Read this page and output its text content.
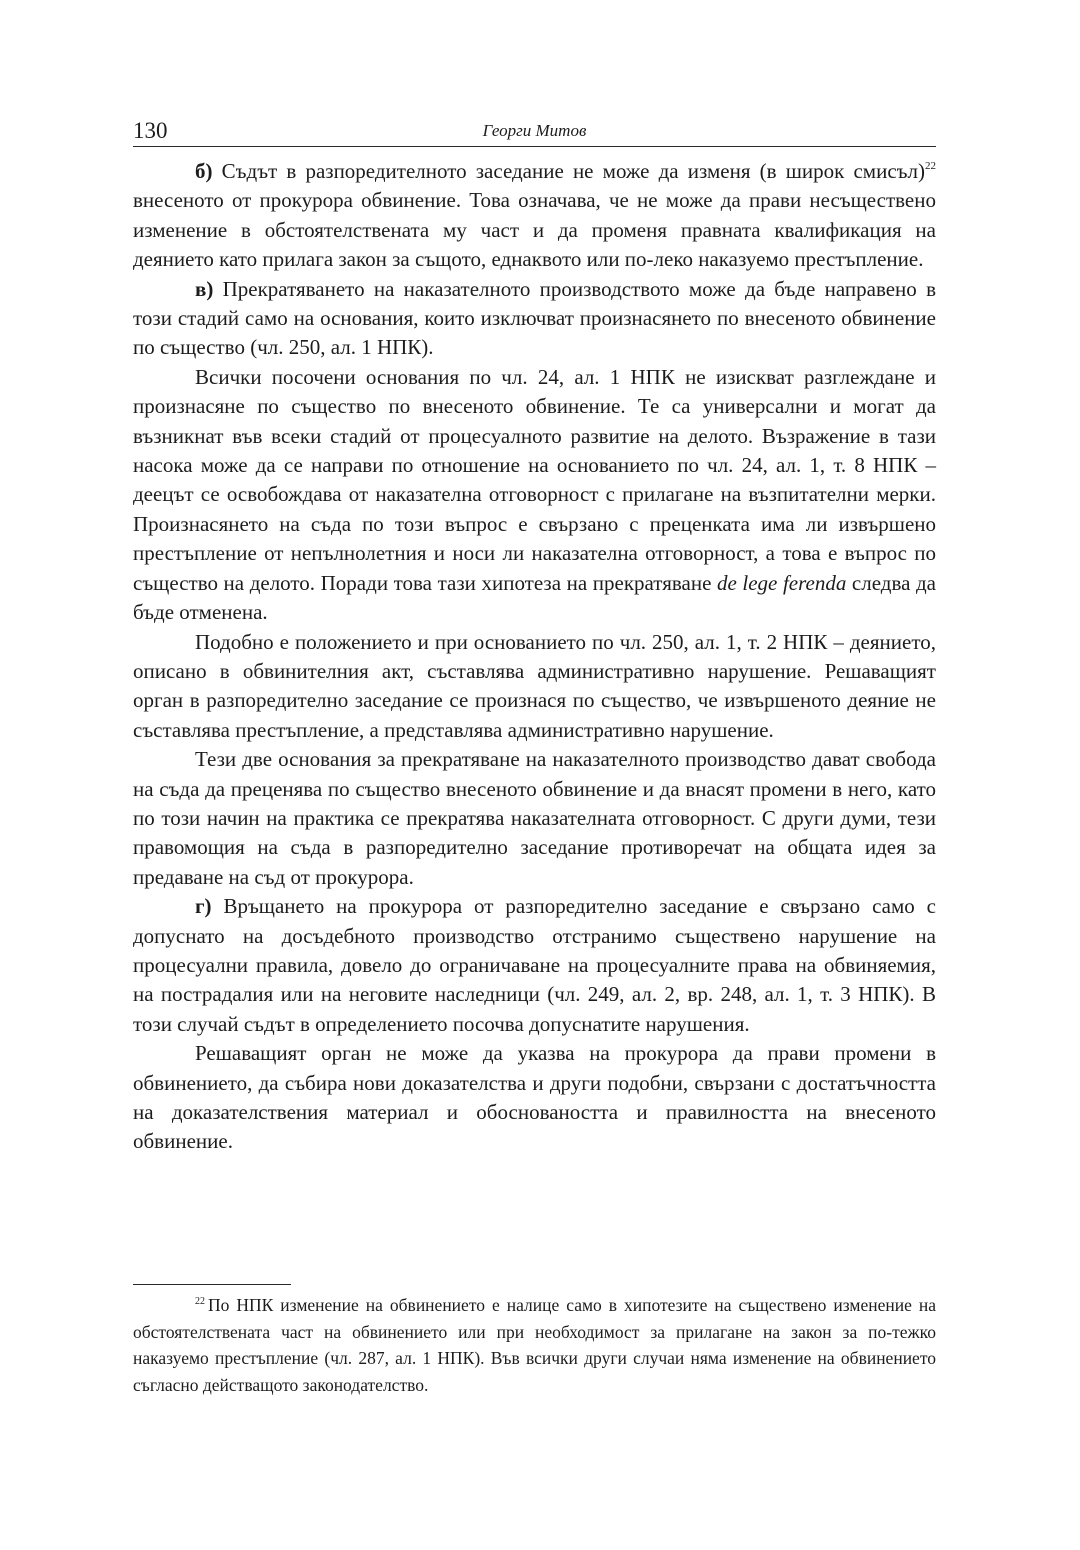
130	Георги Митов

б) Съдът в разпоредителното заседание не може да изменя (в широк смисъл)$^{22}$ внесеното от прокурора обвинение. Това означава, че не може да прави несъществено изменение в обстоятелствената му част и да променя правната квалификация на деянието като прилага закон за същото, еднаквото или по-леко наказуемо престъпление.

в) Прекратяването на наказателното производството може да бъде направено в този стадий само на основания, които изключват произнасянето по внесеното обвинение по същество (чл. 250, ал. 1 НПК).

Всички посочени основания по чл. 24, ал. 1 НПК не изискват разглеждане и произнасяне по същество по внесеното обвинение. Те са универсални и могат да възникнат във всеки стадий от процесуалното развитие на делото. Възражение в тази насока може да се направи по отношение на основанието по чл. 24, ал. 1, т. 8 НПК – деецът се освобождава от наказателна отговорност с прилагане на възпитателни мерки. Произнасянето на съда по този въпрос е свързано с преценката има ли извършено престъпление от непълнолетния и носи ли наказателна отговорност, а това е въпрос по същество на делото. Поради това тази хипотеза на прекратяване de lege ferenda следва да бъде отменена.

Подобно е положението и при основанието по чл. 250, ал. 1, т. 2 НПК – деянието, описано в обвинителния акт, съставлява административно нарушение. Решаващият орган в разпоредително заседание се произнася по същество, че извършеното деяние не съставлява престъпление, а представлява административно нарушение.

Тези две основания за прекратяване на наказателното производство дават свобода на съда да преценява по същество внесеното обвинение и да внасят промени в него, като по този начин на практика се прекратява наказателната отговорност. С други думи, тези правомощия на съда в разпоредително заседание противоречат на общата идея за предаване на съд от прокурора.

г) Връщането на прокурора от разпоредително заседание е свързано само с допуснато на досъдебното производство отстранимо съществено нарушение на процесуални правила, довело до ограничаване на процесуалните права на обвиняемия, на пострадалия или на неговите наследници (чл. 249, ал. 2, вр. 248, ал. 1, т. 3 НПК). В този случай съдът в определението посочва допуснатите нарушения.

Решаващият орган не може да указва на прокурора да прави промени в обвинението, да събира нови доказателства и други подобни, свързани с достатъчността на доказателствения материал и обосноваността и правилността на внесеното обвинение.

$^{22}$ По НПК изменение на обвинението е налице само в хипотезите на съществено изменение на обстоятелствената част на обвинението или при необходимост за прилагане на закон за по-тежко наказуемо престъпление (чл. 287, ал. 1 НПК). Във всички други случаи няма изменение на обвинението съгласно действащото законодателство.
